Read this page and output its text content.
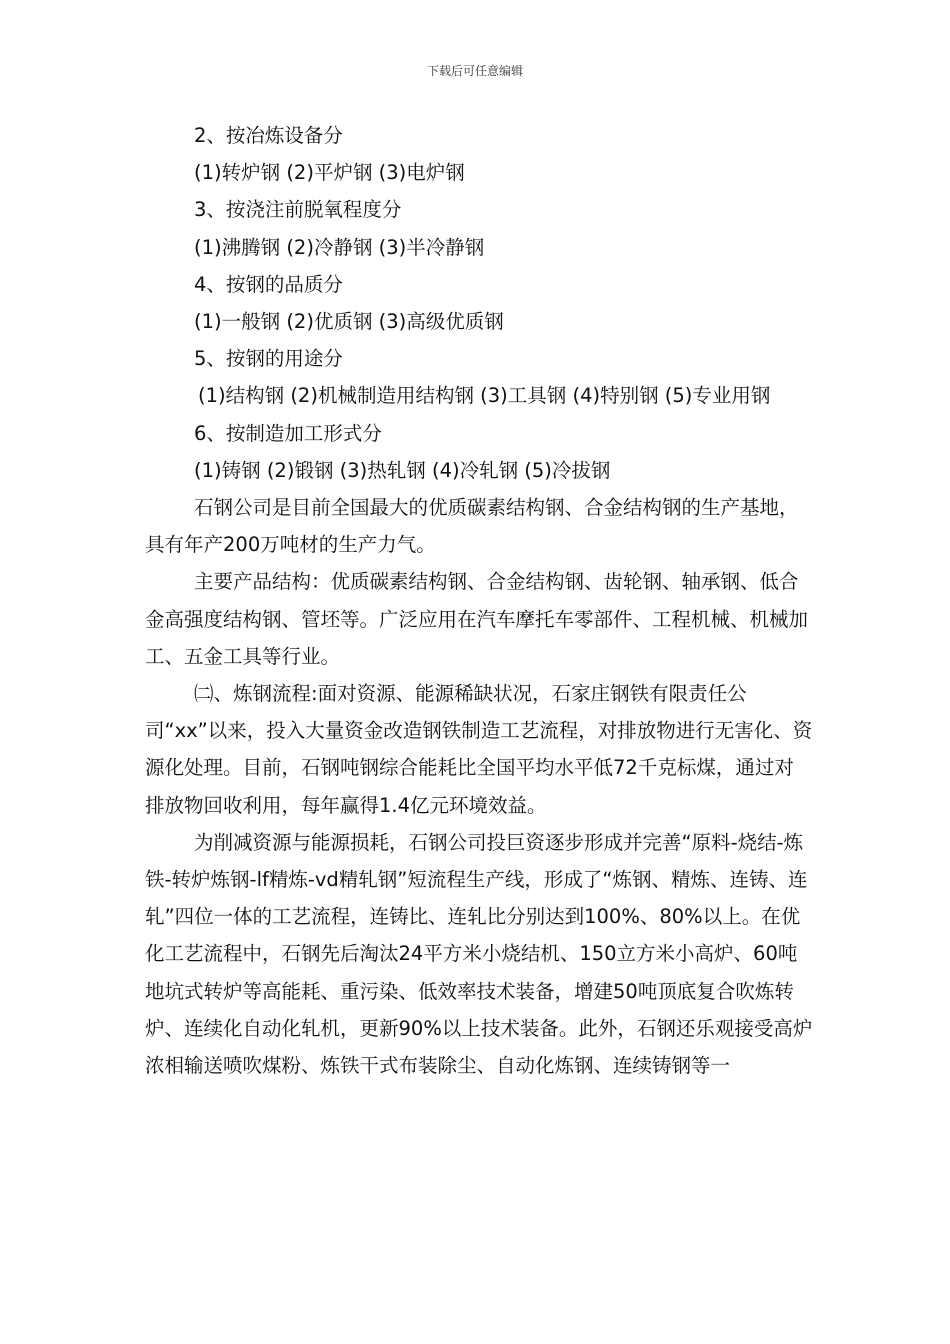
下载后可任意编辑

2、按冶炼设备分

(1)转炉钢 (2)平炉钢 (3)电炉钢

3、按浇注前脱氧程度分

(1)沸腾钢 (2)冷静钢 (3)半冷静钢

4、按钢的品质分

(1)一般钢 (2)优质钢 (3)高级优质钢

5、按钢的用途分

(1)结构钢 (2)机械制造用结构钢 (3)工具钢 (4)特别钢 (5)专业用钢

6、按制造加工形式分

(1)铸钢 (2)锻钢 (3)热轧钢 (4)冷轧钢 (5)冷拔钢

石钢公司是目前全国最大的优质碳素结构钢、合金结构钢的生产基地，具有年产200万吨材的生产力气。

主要产品结构：优质碳素结构钢、合金结构钢、齿轮钢、轴承钢、低合金高强度结构钢、管坯等。广泛应用在汽车摩托车零部件、工程机械、机械加工、五金工具等行业。

㈡、炼钢流程:面对资源、能源稀缺状况，石家庄钢铁有限责任公司“xx”以来，投入大量资金改造钢铁制造工艺流程，对排放物进行无害化、资源化处理。目前，石钢吨钢综合能耗比全国平均水平低72千克标煤，通过对排放物回收利用，每年赢得1.4亿元环境效益。

为削减资源与能源损耗，石钢公司投巨资逐步形成并完善“原料-烧结-炼铁-转炉炼钢-lf精炼-vd精轧钢”短流程生产线，形成了“炼钢、精炼、连铸、连轧”四位一体的工艺流程，连铸比、连轧比分别达到100%、80%以上。在优化工艺流程中，石钢先后淘汰24平方米小烧结机、150立方米小高炉、60吨地坑式转炉等高能耗、重污染、低效率技术装备，增建50吨顶底复合吹炼转炉、连续化自动化轧机，更新90%以上技术装备。此外，石钢还乐观接受高炉浓相输送喷吹煤粉、炼铁干式布装除尘、自动化炼钢、连续铸钢等一
